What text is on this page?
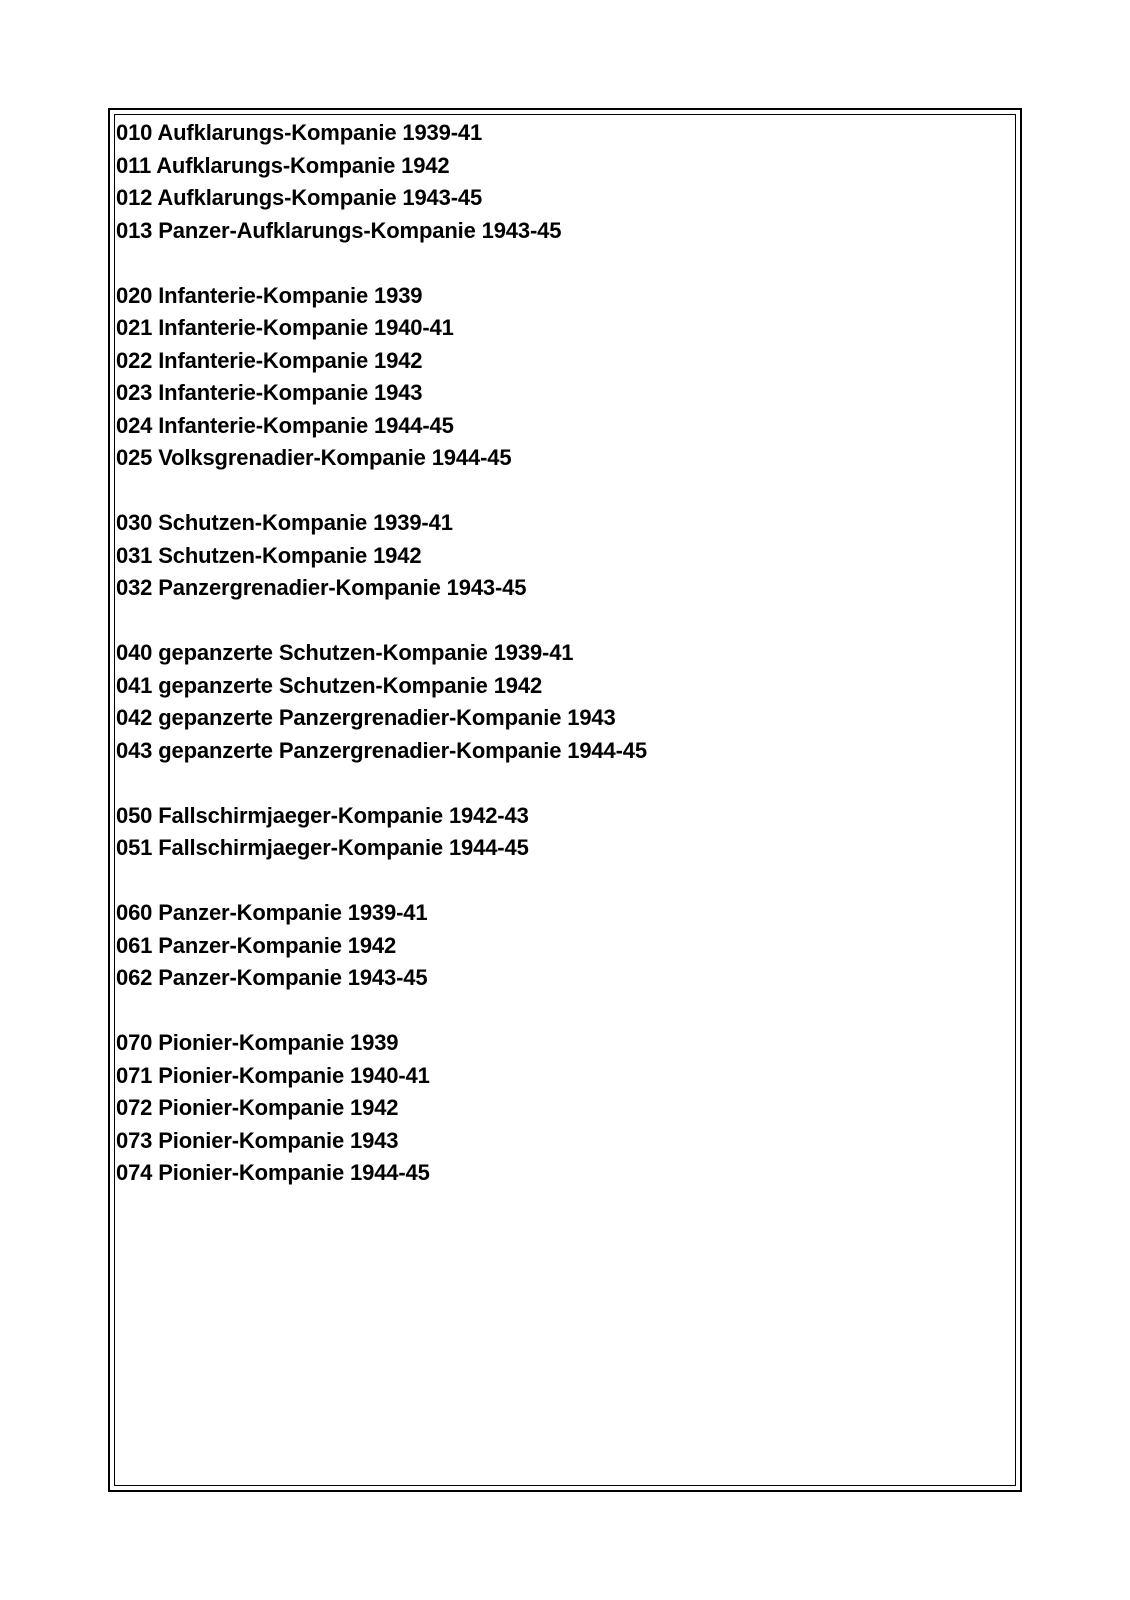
010 Aufklarungs-Kompanie 1939-41
011 Aufklarungs-Kompanie 1942
012 Aufklarungs-Kompanie 1943-45
013 Panzer-Aufklarungs-Kompanie 1943-45
020 Infanterie-Kompanie 1939
021 Infanterie-Kompanie 1940-41
022 Infanterie-Kompanie 1942
023 Infanterie-Kompanie 1943
024 Infanterie-Kompanie 1944-45
025 Volksgrenadier-Kompanie 1944-45
030 Schutzen-Kompanie 1939-41
031 Schutzen-Kompanie 1942
032 Panzergrenadier-Kompanie 1943-45
040 gepanzerte Schutzen-Kompanie 1939-41
041 gepanzerte Schutzen-Kompanie 1942
042 gepanzerte Panzergrenadier-Kompanie 1943
043 gepanzerte Panzergrenadier-Kompanie 1944-45
050 Fallschirmjaeger-Kompanie 1942-43
051 Fallschirmjaeger-Kompanie 1944-45
060 Panzer-Kompanie 1939-41
061 Panzer-Kompanie 1942
062 Panzer-Kompanie 1943-45
070 Pionier-Kompanie 1939
071 Pionier-Kompanie 1940-41
072 Pionier-Kompanie 1942
073 Pionier-Kompanie 1943
074 Pionier-Kompanie 1944-45
